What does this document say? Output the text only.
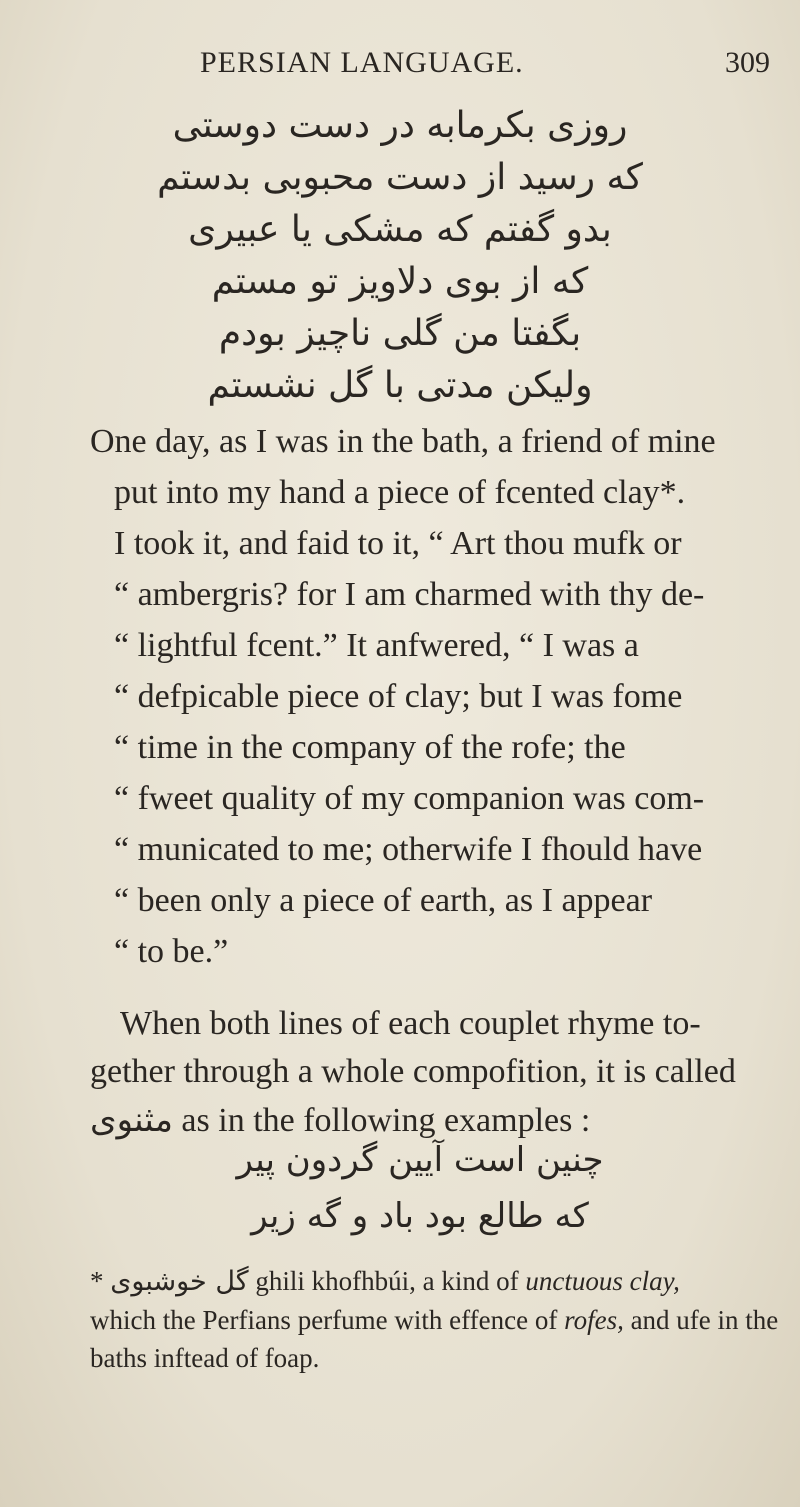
PERSIAN LANGUAGE.	309
روزی بکرمابه در دست دوستی
که رسید از دست محبوبی بدستم
بدو گفتم که مشکی یا عبیری
که از بوی دلاویز تو مستم
بگفتا من گلی ناچیز بودم
ولیکن مدتی با گل نشستم
One day, as I was in the bath, a friend of mine
put into my hand a piece of fcented clay*.
I took it, and faid to it, “ Art thou mufk or
“ ambergris? for I am charmed with thy de-
“ lightful fcent.” It anfwered, “ I was a
“ defpicable piece of clay; but I was fome
“ time in the company of the rofe; the
“ fweet quality of my companion was com-
“ municated to me; otherwife I fhould have
“ been only a piece of earth, as I appear
“ to be.”
When both lines of each couplet rhyme to-
gether through a whole compofition, it is called
مثنوی as in the following examples :
چنین است آیین گردون پیر
که طالع بود باد و گه زیر
* گل خوشبوی ghili khofhbúi, a kind of unctuous clay,
which the Perfians perfume with effence of rofes, and ufe in the
baths inftead of foap.
